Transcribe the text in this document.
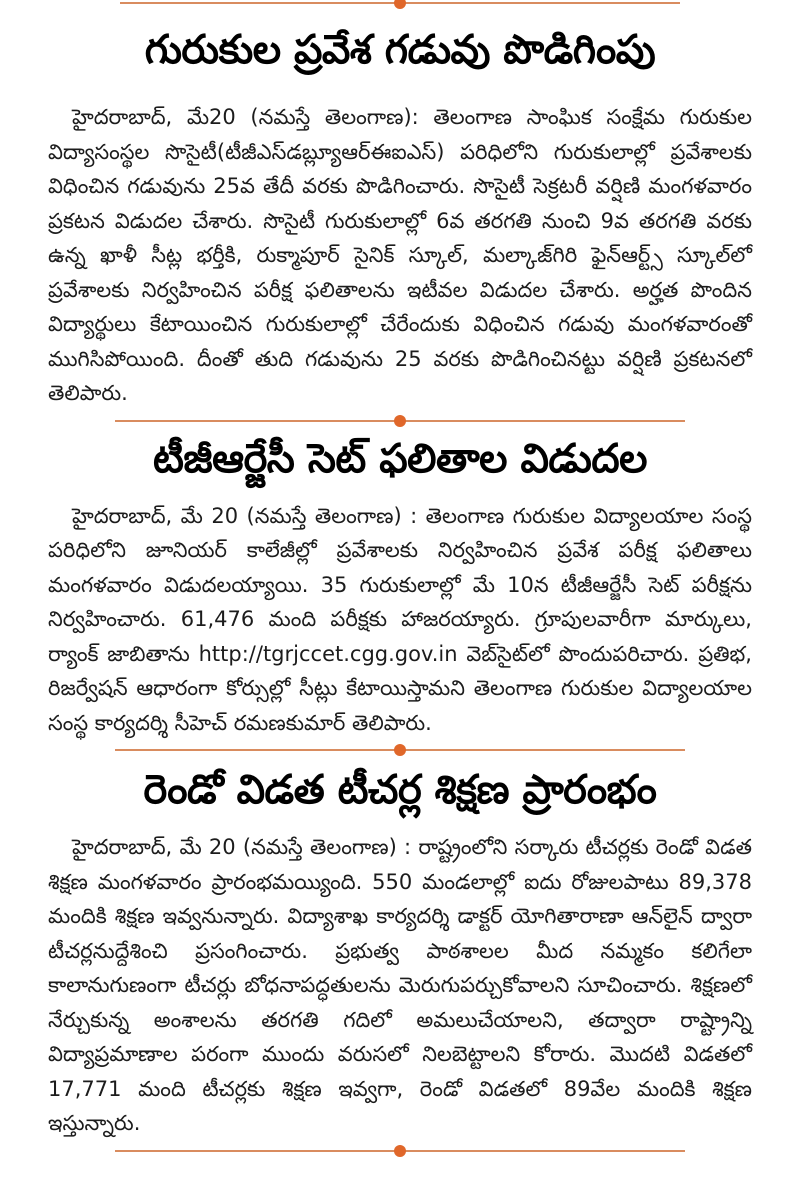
గురుకుల ప్రవేశ గడువు పొడిగింపు

హైదరాబాద్, మే20 (నమస్తే తెలంగాణ): తెలంగాణ సాంఘిక సంక్షేమ గురుకుల విద్యాసంస్థల సొసైటీ(టీజీఎస్‌డబ్ల్యూఆర్‌ఈఐఎస్) పరిధిలోని గురుకులాల్లో ప్రవేశాలకు విధించిన గడువును 25వ తేదీ వరకు పొడిగించారు. సొసైటీ సెక్రటరీ వర్షిణి మంగళవారం ప్రకటన విడుదల చేశారు. సొసైటీ గురుకులాల్లో 6వ తరగతి నుంచి 9వ తరగతి వరకు ఉన్న ఖాళీ సీట్ల భర్తీకి, రుక్మాపూర్ సైనిక్ స్కూల్, మల్కాజ్‌గిరి ఫైన్‌ఆర్ట్స్ స్కూల్‌లో ప్రవేశాలకు నిర్వహించిన పరీక్ష ఫలితాలను ఇటీవల విడుదల చేశారు. అర్హత పొందిన విద్యార్థులు కేటాయించిన గురుకులాల్లో చేరేందుకు విధించిన గడువు మంగళవారంతో ముగిసిపోయింది. దీంతో తుది గడువును 25 వరకు పొడిగించినట్టు వర్షిణి ప్రకటనలో తెలిపారు.

టీజీఆర్జేసీ సెట్ ఫలితాల విడుదల

హైదరాబాద్, మే 20 (నమస్తే తెలంగాణ) : తెలంగాణ గురుకుల విద్యాలయాల సంస్థ పరిధిలోని జూనియర్ కాలేజీల్లో ప్రవేశాలకు నిర్వహించిన ప్రవేశ పరీక్ష ఫలితాలు మంగళవారం విడుదలయ్యాయి. 35 గురుకులాల్లో మే 10న టీజీఆర్జేసీ సెట్ పరీక్షను నిర్వహించారు. 61,476 మంది పరీక్షకు హాజరయ్యారు. గ్రూపులవారీగా మార్కులు, ర్యాంక్ జాబితాను http://tgrjccet.cgg.gov.in వెబ్‌సైట్‌లో పొందుపరిచారు. ప్రతిభ, రిజర్వేషన్ ఆధారంగా కోర్సుల్లో సీట్లు కేటాయిస్తామని తెలంగాణ గురుకుల విద్యాలయాల సంస్థ కార్యదర్శి సీహెచ్ రమణకుమార్ తెలిపారు.

రెండో విడత టీచర్ల శిక్షణ ప్రారంభం

హైదరాబాద్, మే 20 (నమస్తే తెలంగాణ) : రాష్ట్రంలోని సర్కారు టీచర్లకు రెండో విడత శిక్షణ మంగళవారం ప్రారంభమయ్యింది. 550 మండలాల్లో ఐదు రోజులపాటు 89,378 మందికి శిక్షణ ఇవ్వనున్నారు. విద్యాశాఖ కార్యదర్శి డాక్టర్ యోగితారాణా ఆన్‌లైన్ ద్వారా టీచర్లనుద్దేశించి ప్రసంగించారు. ప్రభుత్వ పాఠశాలల మీద నమ్మకం కలిగేలా కాలానుగుణంగా టీచర్లు బోధనాపద్ధతులను మెరుగుపర్చుకోవాలని సూచించారు. శిక్షణలో నేర్చుకున్న అంశాలను తరగతి గదిలో అమలుచేయాలని, తద్వారా రాష్ట్రాన్ని విద్యాప్రమాణాల పరంగా ముందు వరుసలో నిలబెట్టాలని కోరారు. మొదటి విడతలో 17,771 మంది టీచర్లకు శిక్షణ ఇవ్వగా, రెండో విడతలో 89వేల మందికి శిక్షణ ఇస్తున్నారు.
